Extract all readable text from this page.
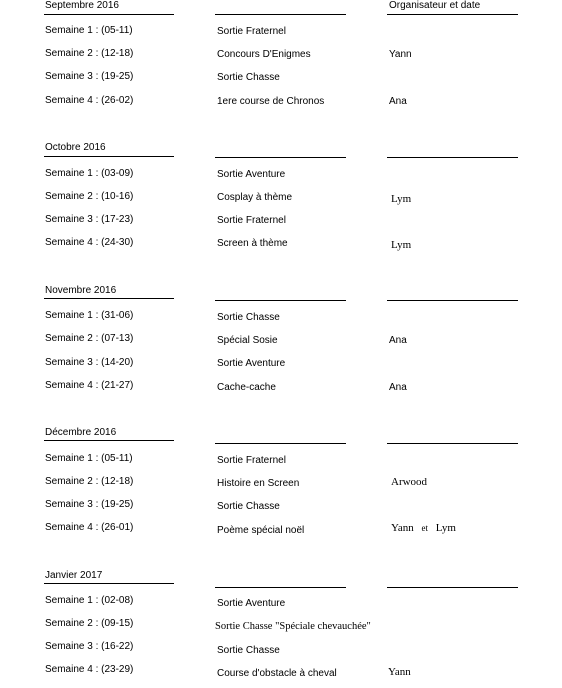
Septembre 2016	Organisateur et date
Semaine 1 : (05-11)	Sortie Fraternel
Semaine 2 : (12-18)	Concours D'Enigmes	Yann
Semaine 3 : (19-25)	Sortie Chasse
Semaine 4 : (26-02)	1ere course de Chronos	Ana
Octobre 2016
Semaine 1 : (03-09)	Sortie Aventure
Semaine 2 : (10-16)	Cosplay à thème	Lym
Semaine 3 : (17-23)	Sortie Fraternel
Semaine 4 : (24-30)	Screen à thème	Lym
Novembre 2016
Semaine 1 : (31-06)	Sortie Chasse
Semaine 2 : (07-13)	Spécial Sosie	Ana
Semaine 3 : (14-20)	Sortie Aventure
Semaine 4 : (21-27)	Cache-cache	Ana
Décembre 2016
Semaine 1 : (05-11)	Sortie Fraternel
Semaine 2 : (12-18)	Histoire en Screen	Arwood
Semaine 3 : (19-25)	Sortie Chasse
Semaine 4 : (26-01)	Poème spécial noël	Yann et Lym
Janvier 2017
Semaine 1 : (02-08)	Sortie Aventure
Semaine 2 : (09-15)	Sortie Chasse "Spéciale chevauchée"
Semaine 3 : (16-22)	Sortie Chasse
Semaine 4 : (23-29)	Course d'obstacle à cheval	Yann
